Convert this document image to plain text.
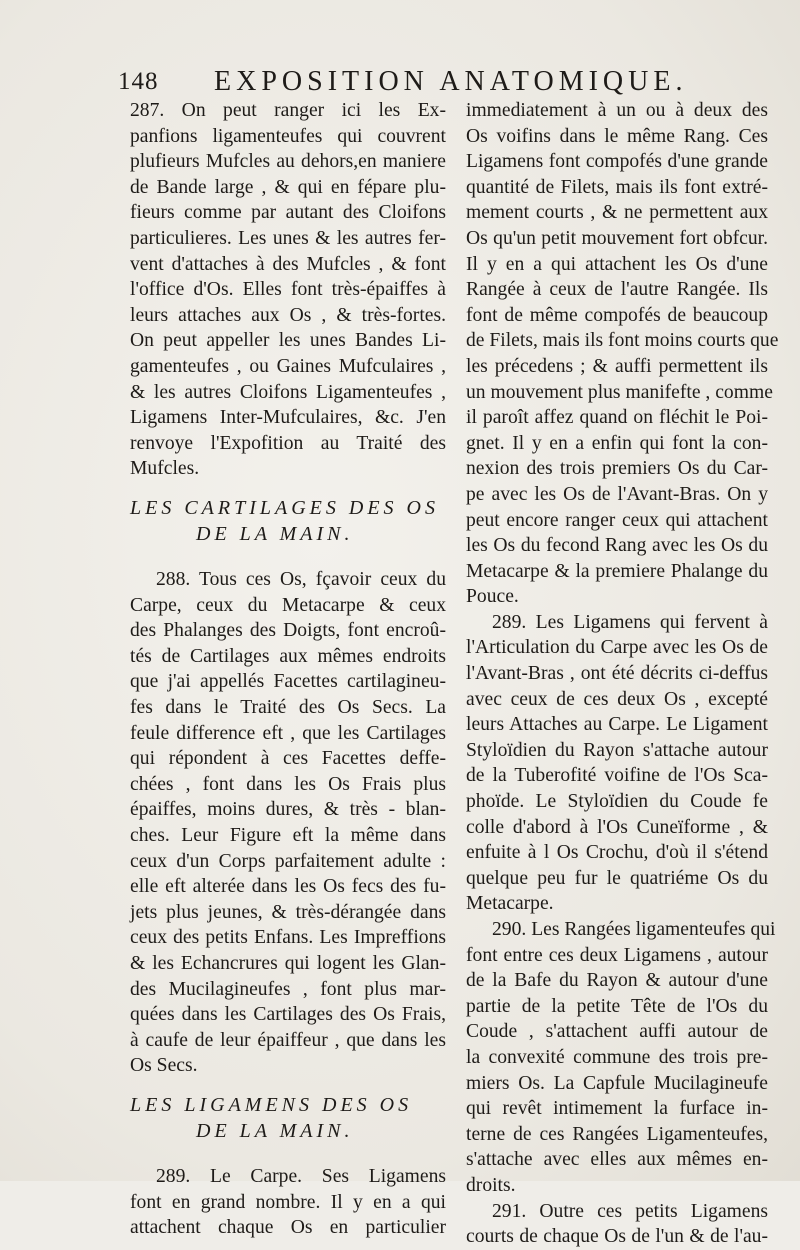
148 EXPOSITION ANATOMIQUE.
287. On peut ranger ici les Ex-
panfions ligamenteufes qui couvrent
plufieurs Mufcles au dehors,en maniere
de Bande large , & qui en fépare plu-
fieurs comme par autant des Cloifons
particulieres. Les unes & les autres fer-
vent d'attaches à des Mufcles , & font
l'office d'Os. Elles font très-épaiffes à
leurs attaches aux Os , & très-fortes.
On peut appeller les unes Bandes Li-
gamenteufes , ou Gaines Mufculaires ,
& les autres Cloifons Ligamenteufes ,
Ligamens Inter-Mufculaires, &c. J'en
renvoye l'Expofition au Traité des
Mufcles.
LES CARTILAGES DES OS
DE LA MAIN.
288. Tous ces Os, fçavoir ceux du
Carpe, ceux du Metacarpe & ceux
des Phalanges des Doigts, font encroû-
tés de Cartilages aux mêmes endroits
que j'ai appellés Facettes cartilagineu-
fes dans le Traité des Os Secs. La
feule difference eft , que les Cartilages
qui répondent à ces Facettes deffe-
chées , font dans les Os Frais plus
épaiffes, moins dures, & très - blan-
ches. Leur Figure eft la même dans
ceux d'un Corps parfaitement adulte :
elle eft alterée dans les Os fecs des fu-
jets plus jeunes, & très-dérangée dans
ceux des petits Enfans. Les Impreffions
& les Echancrures qui logent les Glan-
des Mucilagineufes , font plus mar-
quées dans les Cartilages des Os Frais,
à caufe de leur épaiffeur , que dans les
Os Secs.
LES LIGAMENS DES OS
DE LA MAIN.
289. Le Carpe. Ses Ligamens
font en grand nombre. Il y en a qui
attachent chaque Os en particulier
immediatement à un ou à deux des
Os voifins dans le même Rang. Ces
Ligamens font compofés d'une grande
quantité de Filets, mais ils font extré-
mement courts , & ne permettent aux
Os qu'un petit mouvement fort obfcur.
Il y en a qui attachent les Os d'une
Rangée à ceux de l'autre Rangée. Ils
font de même compofés de beaucoup
de Filets, mais ils font moins courts que
les précedens ; & auffi permettent ils
un mouvement plus manifefte , comme
il paroît affez quand on fléchit le Poi-
gnet. Il y en a enfin qui font la con-
nexion des trois premiers Os du Car-
pe avec les Os de l'Avant-Bras. On y
peut encore ranger ceux qui attachent
les Os du fecond Rang avec les Os du
Metacarpe & la premiere Phalange du
Pouce.
289. Les Ligamens qui fervent à
l'Articulation du Carpe avec les Os de
l'Avant-Bras , ont été décrits ci-deffus
avec ceux de ces deux Os , excepté
leurs Attaches au Carpe. Le Ligament
Styloïdien du Rayon s'attache autour
de la Tuberofité voifine de l'Os Sca-
phoïde. Le Styloïdien du Coude fe
colle d'abord à l'Os Cuneïforme , &
enfuite à l Os Crochu, d'où il s'étend
quelque peu fur le quatriéme Os du
Metacarpe.
290. Les Rangées ligamenteufes qui
font entre ces deux Ligamens , autour
de la Bafe du Rayon & autour d'une
partie de la petite Tête de l'Os du
Coude , s'attachent auffi autour de
la convexité commune des trois pre-
miers Os. La Capfule Mucilagineufe
qui revêt intimement la furface in-
terne de ces Rangées Ligamenteufes,
s'attache avec elles aux mêmes en-
droits.
291. Outre ces petits Ligamens
courts de chaque Os de l'un & de l'au-
